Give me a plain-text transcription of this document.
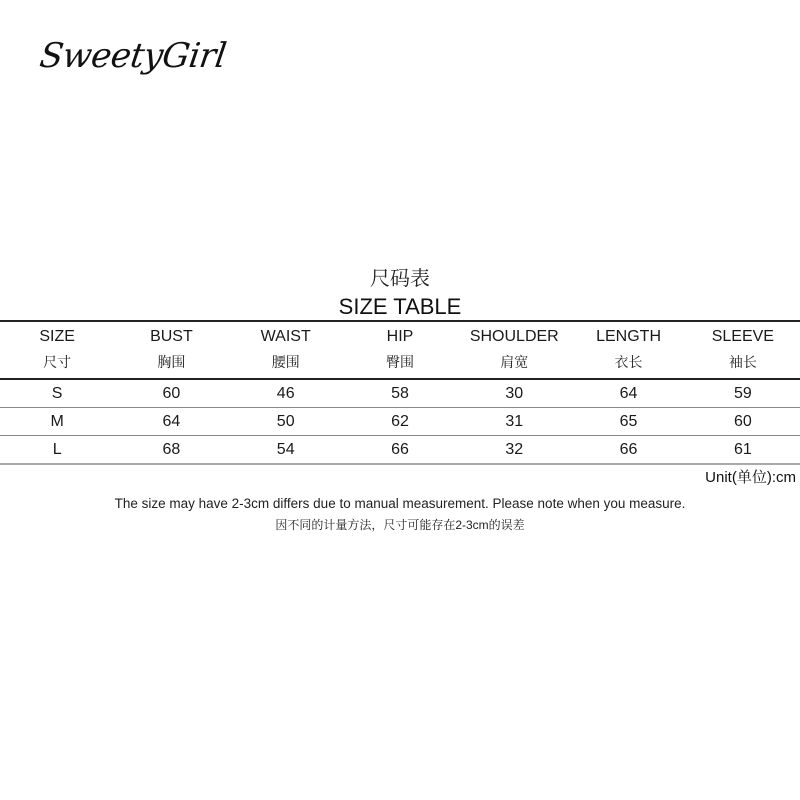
SweetyGirl
尺码表
SIZE TABLE
SIZE	BUST	WAIST	HIP	SHOULDER	LENGTH	SLEEVE
尺寸	胸围	腰围	臀围	肩宽	衣长	袖长
S	60	46	58	30	64	59
M	64	50	62	31	65	60
L	68	54	66	32	66	61
Unit(单位):cm
The size may have 2-3cm differs due to manual measurement. Please note when you measure.
因不同的计量方法，尺寸可能存在2-3cm的误差
